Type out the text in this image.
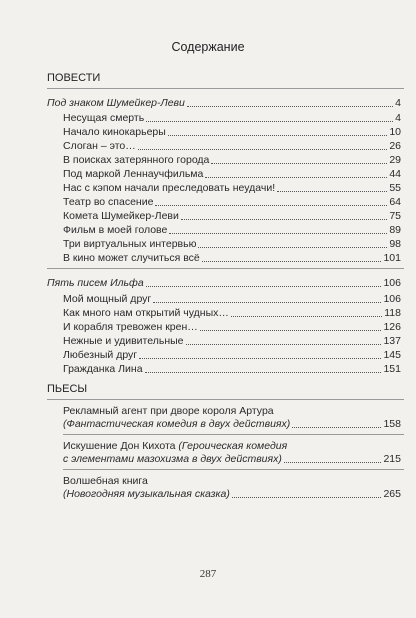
Содержание
ПОВЕСТИ
Под знаком Шумейкер-Леви	4
Несущая смерть	4
Начало кинокарьеры	10
Слоган – это…	26
В поисках затерянного города	29
Под маркой Леннаучфильма	44
Нас с кэпом начали преследовать неудачи!	55
Театр во спасение	64
Комета Шумейкер-Леви	75
Фильм в моей голове	89
Три виртуальных интервью	98
В кино может случиться всё	101
Пять писем Ильфа	106
Мой мощный друг	106
Как много нам открытий чудных…	118
И корабля тревожен крен…	126
Нежные и удивительные	137
Любезный друг	145
Гражданка Лина	151
ПЬЕСЫ
Рекламный агент при дворе короля Артура
(Фантастическая комедия в двух действиях)	158
Искушение Дон Кихота (Героическая комедия
с элементами мазохизма в двух действиях)	215
Волшебная книга
(Новогодняя музыкальная сказка)	265
287
